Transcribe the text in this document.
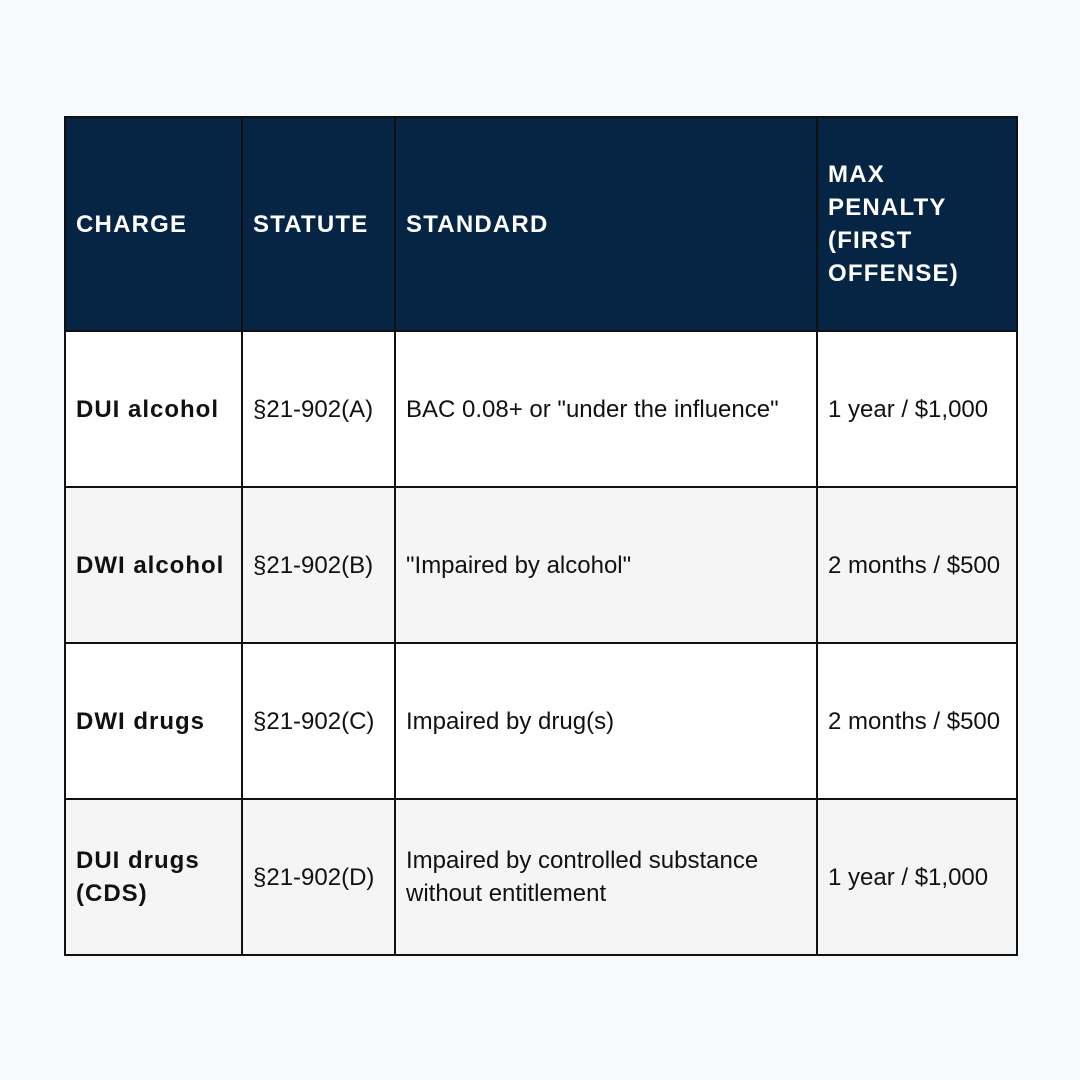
CHARGE	STATUTE	STANDARD	MAX PENALTY (FIRST OFFENSE)
DUI alcohol	§21-902(A)	BAC 0.08+ or "under the influence"	1 year / $1,000
DWI alcohol	§21-902(B)	"Impaired by alcohol"	2 months / $500
DWI drugs	§21-902(C)	Impaired by drug(s)	2 months / $500
DUI drugs (CDS)	§21-902(D)	Impaired by controlled substance without entitlement	1 year / $1,000
